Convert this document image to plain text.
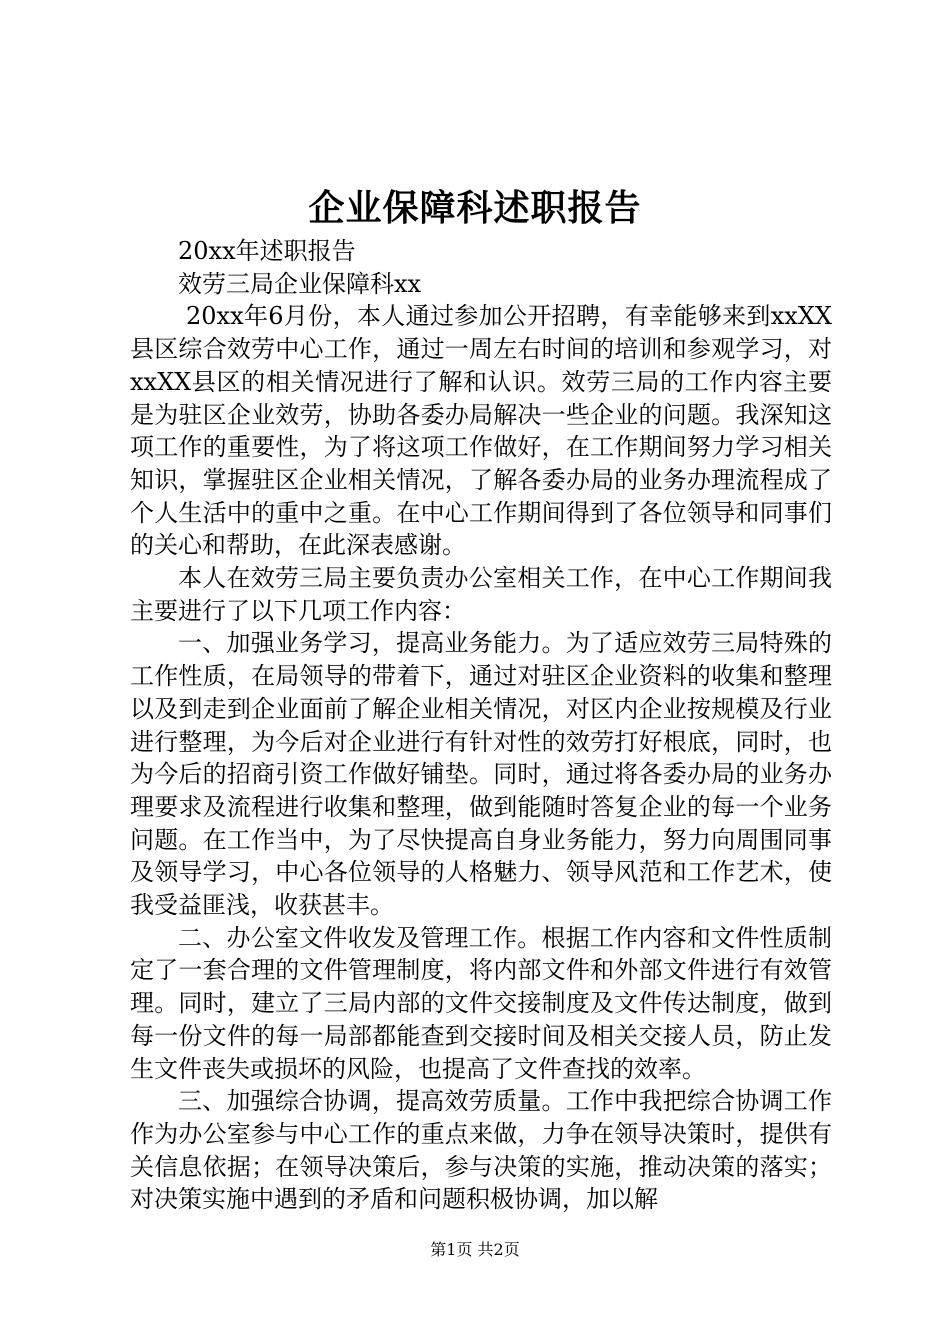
企业保障科述职报告

20xx年述职报告

效劳三局企业保障科xx

20xx年6月份，本人通过参加公开招聘，有幸能够来到xxXX县区综合效劳中心工作，通过一周左右时间的培训和参观学习，对xxXX县区的相关情况进行了解和认识。效劳三局的工作内容主要是为驻区企业效劳，协助各委办局解决一些企业的问题。我深知这项工作的重要性，为了将这项工作做好，在工作期间努力学习相关知识，掌握驻区企业相关情况，了解各委办局的业务办理流程成了个人生活中的重中之重。在中心工作期间得到了各位领导和同事们的关心和帮助，在此深表感谢。

本人在效劳三局主要负责办公室相关工作，在中心工作期间我主要进行了以下几项工作内容：

一、加强业务学习，提高业务能力。为了适应效劳三局特殊的工作性质，在局领导的带着下，通过对驻区企业资料的收集和整理以及到走到企业面前了解企业相关情况，对区内企业按规模及行业进行整理，为今后对企业进行有针对性的效劳打好根底，同时，也为今后的招商引资工作做好铺垫。同时，通过将各委办局的业务办理要求及流程进行收集和整理，做到能随时答复企业的每一个业务问题。在工作当中，为了尽快提高自身业务能力，努力向周围同事及领导学习，中心各位领导的人格魅力、领导风范和工作艺术，使我受益匪浅，收获甚丰。

二、办公室文件收发及管理工作。根据工作内容和文件性质制定了一套合理的文件管理制度，将内部文件和外部文件进行有效管理。同时，建立了三局内部的文件交接制度及文件传达制度，做到每一份文件的每一局部都能查到交接时间及相关交接人员，防止发生文件丧失或损坏的风险，也提高了文件查找的效率。

三、加强综合协调，提高效劳质量。工作中我把综合协调工作作为办公室参与中心工作的重点来做，力争在领导决策时，提供有关信息依据；在领导决策后，参与决策的实施，推动决策的落实；对决策实施中遇到的矛盾和问题积极协调，加以解

第1页 共2页
